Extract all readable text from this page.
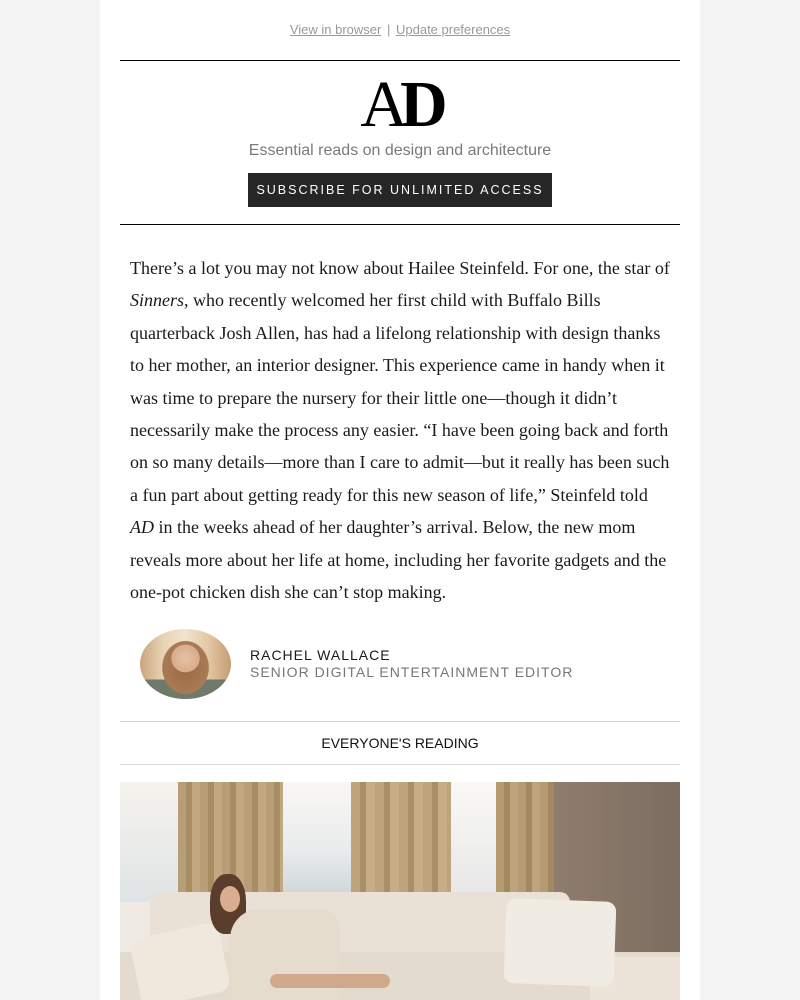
View in browser | Update preferences
AD
Essential reads on design and architecture
SUBSCRIBE FOR UNLIMITED ACCESS

There’s a lot you may not know about Hailee Steinfeld. For one, the star of Sinners, who recently welcomed her first child with Buffalo Bills quarterback Josh Allen, has had a lifelong relationship with design thanks to her mother, an interior designer. This experience came in handy when it was time to prepare the nursery for their little one—though it didn’t necessarily make the process any easier. “I have been going back and forth on so many details—more than I care to admit—but it really has been such a fun part about getting ready for this new season of life,” Steinfeld told AD in the weeks ahead of her daughter’s arrival. Below, the new mom reveals more about her life at home, including her favorite gadgets and the one-pot chicken dish she can’t stop making.

RACHEL WALLACE
SENIOR DIGITAL ENTERTAINMENT EDITOR
EVERYONE'S READING
